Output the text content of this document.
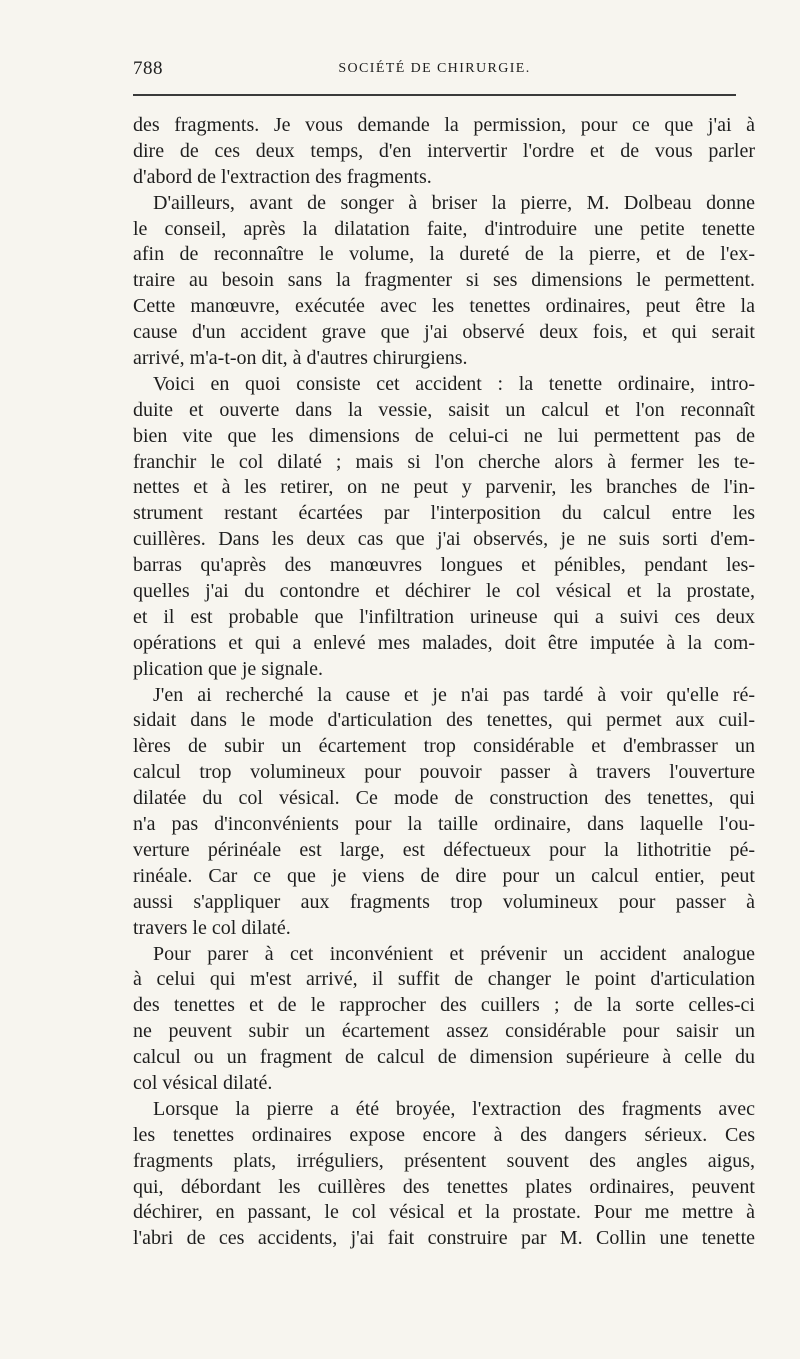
788	SOCIÉTÉ DE CHIRURGIE.
des fragments. Je vous demande la permission, pour ce que j'ai à
dire de ces deux temps, d'en intervertir l'ordre et de vous parler
d'abord de l'extraction des fragments.
D'ailleurs, avant de songer à briser la pierre, M. Dolbeau donne
le conseil, après la dilatation faite, d'introduire une petite tenette
afin de reconnaître le volume, la dureté de la pierre, et de l'ex-
traire au besoin sans la fragmenter si ses dimensions le permettent.
Cette manœuvre, exécutée avec les tenettes ordinaires, peut être la
cause d'un accident grave que j'ai observé deux fois, et qui serait
arrivé, m'a-t-on dit, à d'autres chirurgiens.
Voici en quoi consiste cet accident : la tenette ordinaire, intro-
duite et ouverte dans la vessie, saisit un calcul et l'on reconnaît
bien vite que les dimensions de celui-ci ne lui permettent pas de
franchir le col dilaté ; mais si l'on cherche alors à fermer les te-
nettes et à les retirer, on ne peut y parvenir, les branches de l'in-
strument restant écartées par l'interposition du calcul entre les
cuillères. Dans les deux cas que j'ai observés, je ne suis sorti d'em-
barras qu'après des manœuvres longues et pénibles, pendant les-
quelles j'ai du contondre et déchirer le col vésical et la prostate,
et il est probable que l'infiltration urineuse qui a suivi ces deux
opérations et qui a enlevé mes malades, doit être imputée à la com-
plication que je signale.
J'en ai recherché la cause et je n'ai pas tardé à voir qu'elle ré-
sidait dans le mode d'articulation des tenettes, qui permet aux cuil-
lères de subir un écartement trop considérable et d'embrasser un
calcul trop volumineux pour pouvoir passer à travers l'ouverture
dilatée du col vésical. Ce mode de construction des tenettes, qui
n'a pas d'inconvénients pour la taille ordinaire, dans laquelle l'ou-
verture périnéale est large, est défectueux pour la lithotritie pé-
rinéale. Car ce que je viens de dire pour un calcul entier, peut
aussi s'appliquer aux fragments trop volumineux pour passer à
travers le col dilaté.
Pour parer à cet inconvénient et prévenir un accident analogue
à celui qui m'est arrivé, il suffit de changer le point d'articulation
des tenettes et de le rapprocher des cuillers ; de la sorte celles-ci
ne peuvent subir un écartement assez considérable pour saisir un
calcul ou un fragment de calcul de dimension supérieure à celle du
col vésical dilaté.
Lorsque la pierre a été broyée, l'extraction des fragments avec
les tenettes ordinaires expose encore à des dangers sérieux. Ces
fragments plats, irréguliers, présentent souvent des angles aigus,
qui, débordant les cuillères des tenettes plates ordinaires, peuvent
déchirer, en passant, le col vésical et la prostate. Pour me mettre à
l'abri de ces accidents, j'ai fait construire par M. Collin une tenette
